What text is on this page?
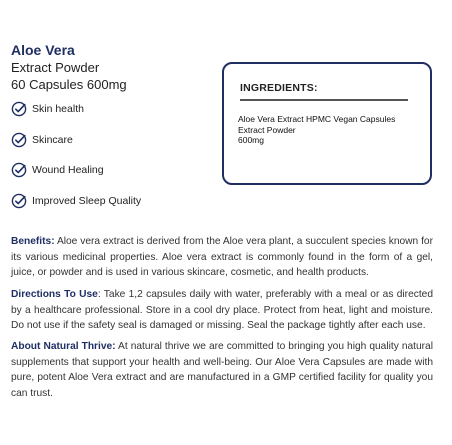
Aloe Vera
Extract Powder
60 Capsules 600mg
Skin health
Skincare
Wound Healing
Improved Sleep Quality
INGREDIENTS:
Aloe Vera Extract HPMC Vegan Capsules
Extract Powder
600mg

Benefits: Aloe vera extract is derived from the Aloe vera plant, a succulent species known for its various medicinal properties. Aloe vera extract is commonly found in the form of a gel, juice, or powder and is used in various skincare, cosmetic, and health products.

Directions To Use: Take 1,2 capsules daily with water, preferably with a meal or as directed by a healthcare professional. Store in a cool dry place. Protect from heat, light and moisture. Do not use if the safety seal is damaged or missing. Seal the package tightly after each use.

About Natural Thrive: At natural thrive we are committed to bringing you high quality natural supplements that support your health and well-being. Our Aloe Vera Capsules are made with pure, potent Aloe Vera extract and are manufactured in a GMP certified facility for quality you can trust.
